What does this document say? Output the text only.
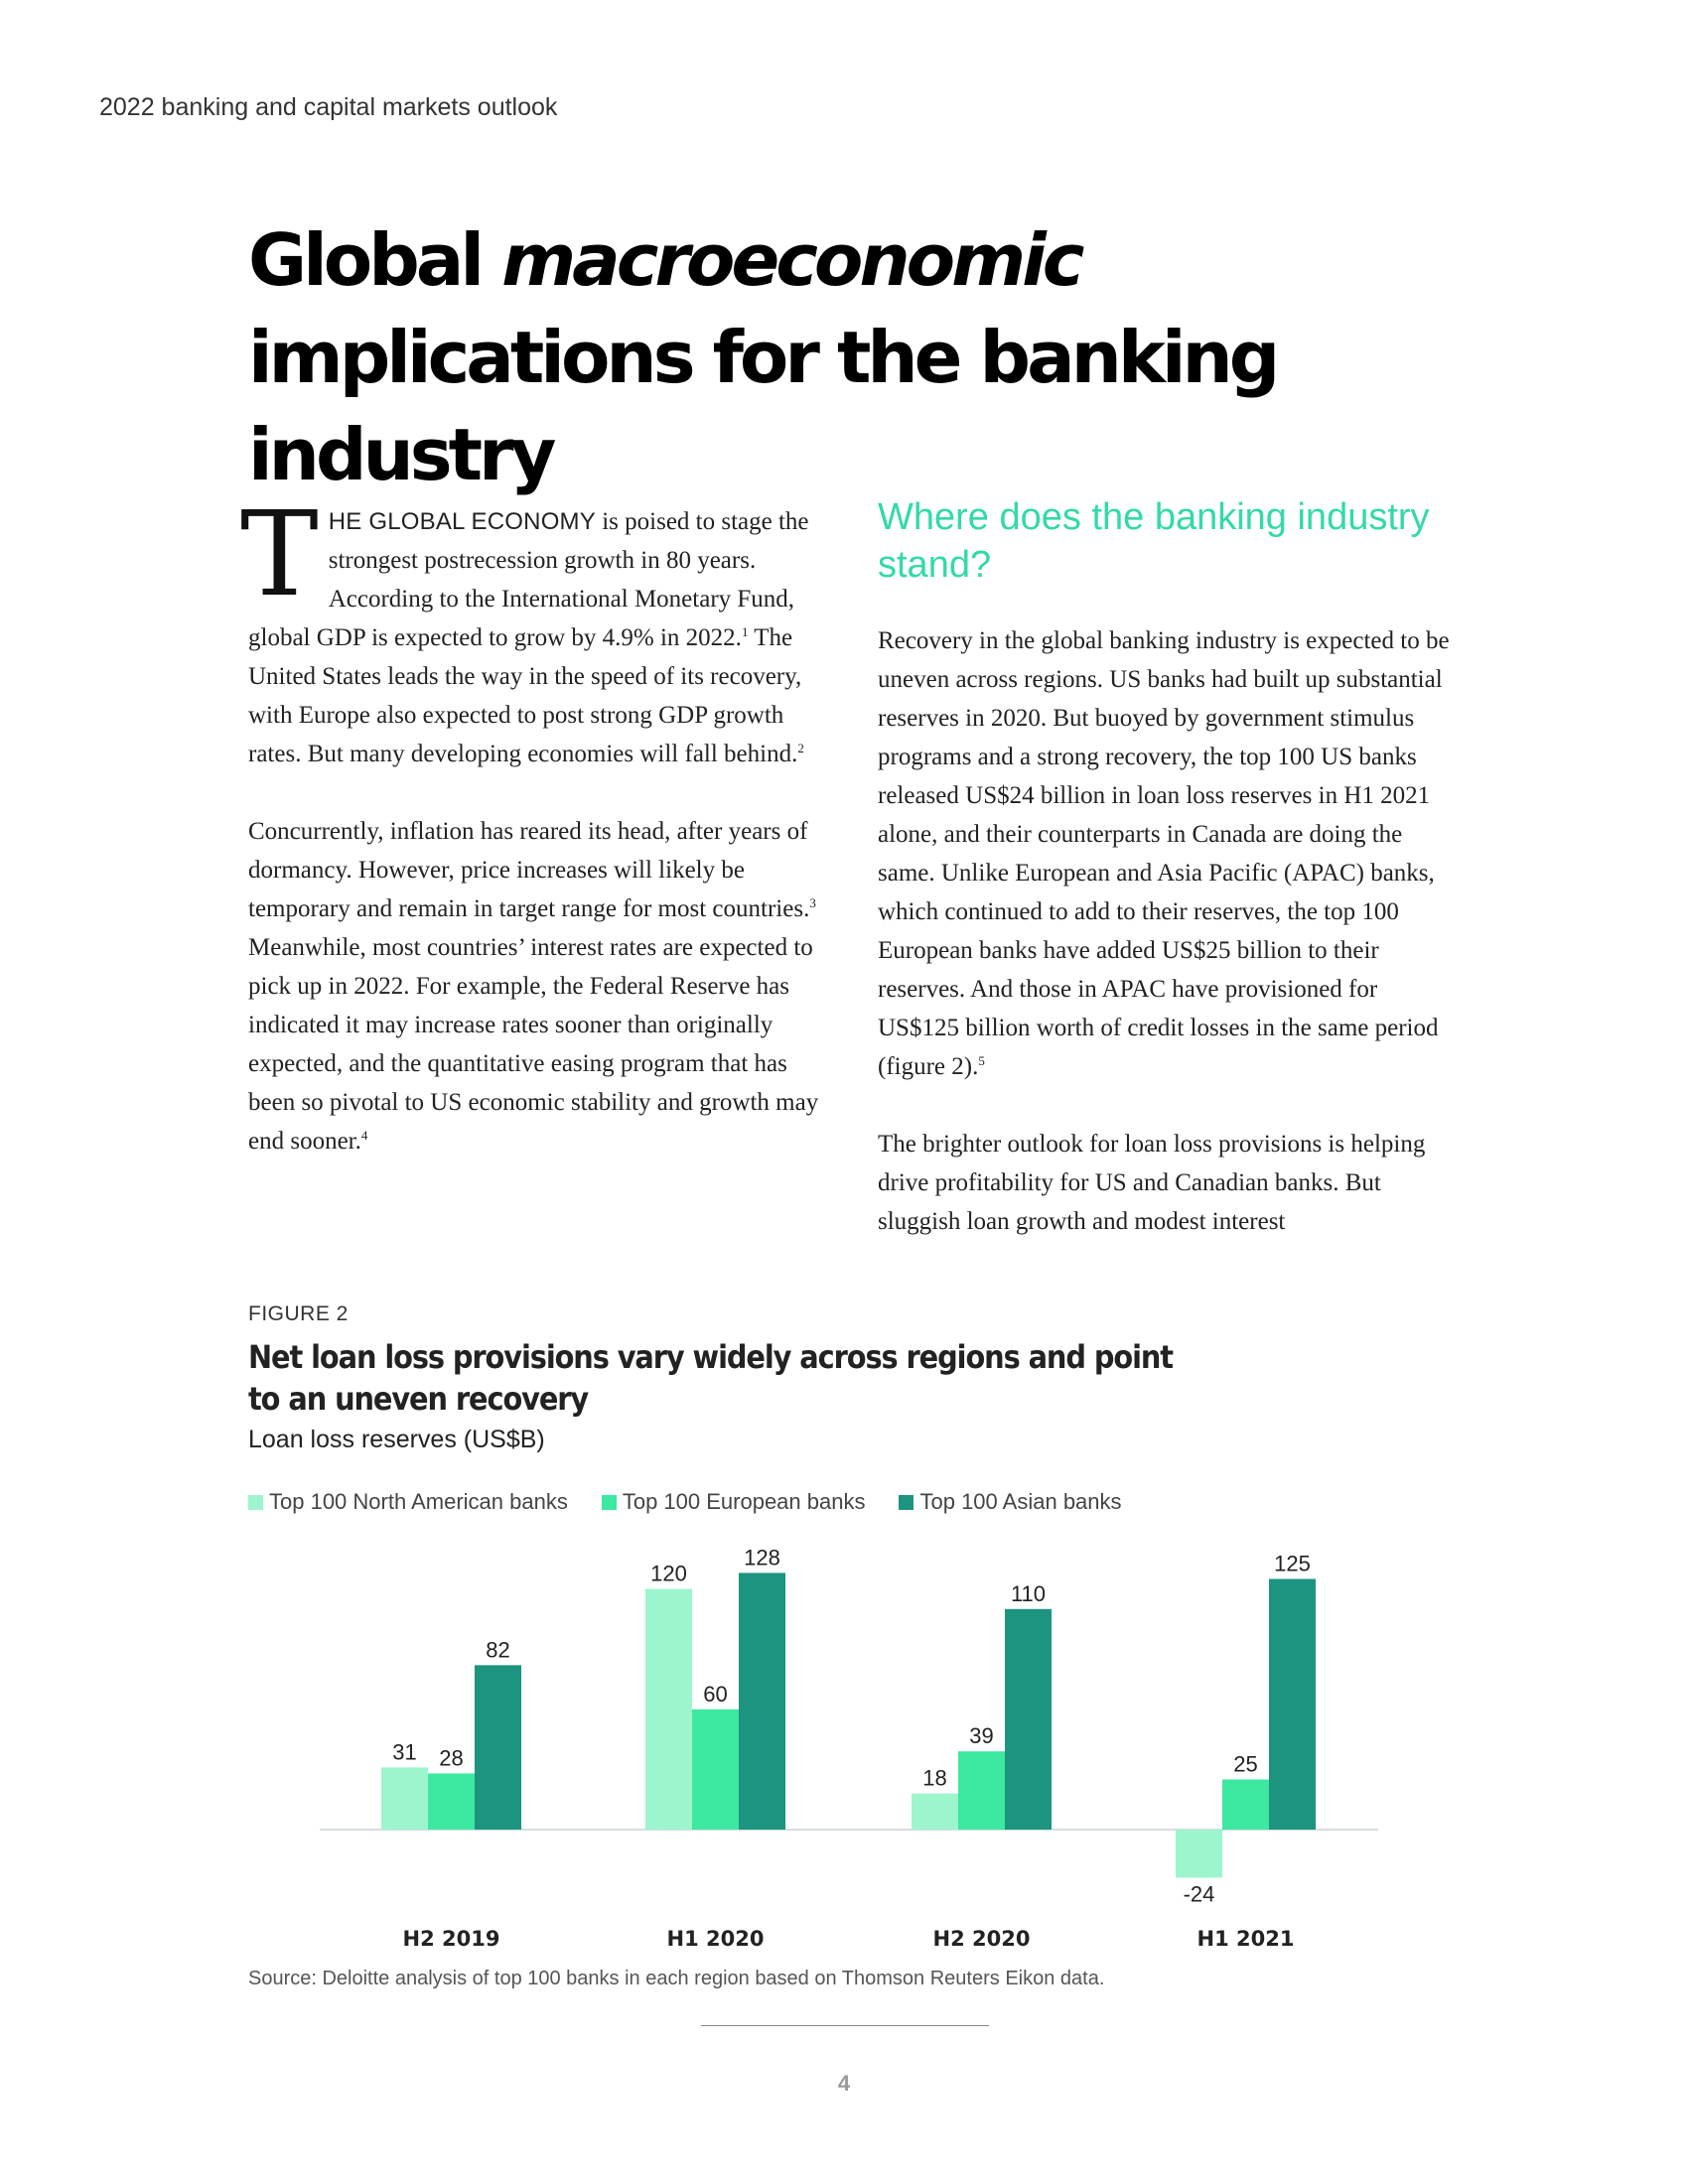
2022 banking and capital markets outlook
Global macroeconomic implications for the banking industry

THE GLOBAL ECONOMY is poised to stage the strongest postrecession growth in 80 years. According to the International Monetary Fund, global GDP is expected to grow by 4.9% in 2022.$^1$ The United States leads the way in the speed of its recovery, with Europe also expected to post strong GDP growth rates. But many developing economies will fall behind.$^2$

Concurrently, inflation has reared its head, after years of dormancy. However, price increases will likely be temporary and remain in target range for most countries.$^3$ Meanwhile, most countries’ interest rates are expected to pick up in 2022. For example, the Federal Reserve has indicated it may increase rates sooner than originally expected, and the quantitative easing program that has been so pivotal to US economic stability and growth may end sooner.$^4$

Where does the banking industry stand?

Recovery in the global banking industry is expected to be uneven across regions. US banks had built up substantial reserves in 2020. But buoyed by government stimulus programs and a strong recovery, the top 100 US banks released US$24 billion in loan loss reserves in H1 2021 alone, and their counterparts in Canada are doing the same. Unlike European and Asia Pacific (APAC) banks, which continued to add to their reserves, the top 100 European banks have added US$25 billion to their reserves. And those in APAC have provisioned for US$125 billion worth of credit losses in the same period (figure 2).$^5$

The brighter outlook for loan loss provisions is helping drive profitability for US and Canadian banks. But sluggish loan growth and modest interest

FIGURE 2
Net loan loss provisions vary widely across regions and point to an uneven recovery
Loan loss reserves (US$B)
Top 100 North American banks	Top 100 European banks	Top 100 Asian banks
31 28
82
H2 2019
120
60
128
H1 2020
18
39
110
H2 2020
-24
25
125
H1 2021

Source: Deloitte analysis of top 100 banks in each region based on Thomson Reuters Eikon data.

4
